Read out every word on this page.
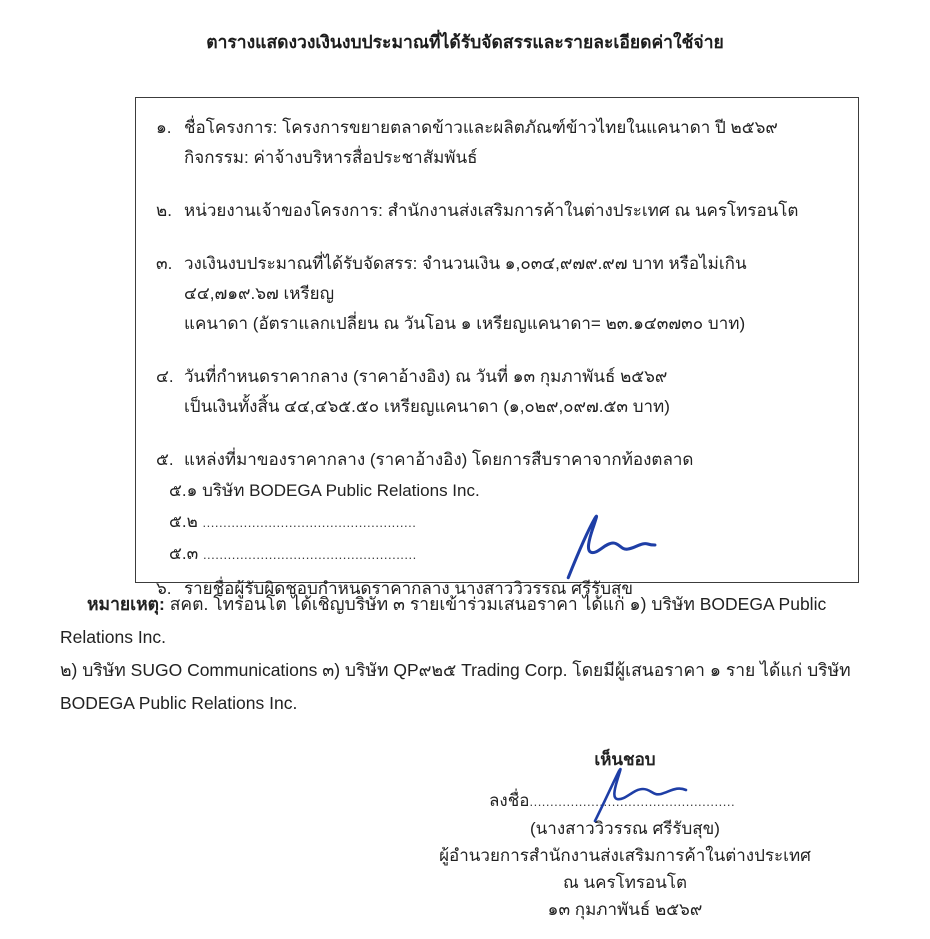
ตารางแสดงวงเงินงบประมาณที่ได้รับจัดสรรและรายละเอียดค่าใช้จ่าย
๑. ชื่อโครงการ: โครงการขยายตลาดข้าวและผลิตภัณฑ์ข้าวไทยในแคนาดา ปี ๒๕๖๙
กิจกรรม: ค่าจ้างบริหารสื่อประชาสัมพันธ์
๒. หน่วยงานเจ้าของโครงการ: สำนักงานส่งเสริมการค้าในต่างประเทศ ณ นครโทรอนโต
๓. วงเงินงบประมาณที่ได้รับจัดสรร: จำนวนเงิน ๑,๐๓๔,๙๗๙.๙๗ บาท หรือไม่เกิน ๔๔,๗๑๙.๖๗ เหรียญ
แคนาดา (อัตราแลกเปลี่ยน ณ วันโอน ๑ เหรียญแคนาดา= ๒๓.๑๔๓๗๓๐ บาท)
๔. วันที่กำหนดราคากลาง (ราคาอ้างอิง) ณ วันที่ ๑๓ กุมภาพันธ์ ๒๕๖๙
เป็นเงินทั้งสิ้น ๔๔,๔๖๕.๕๐ เหรียญแคนาดา (๑,๐๒๙,๐๙๗.๕๓ บาท)
๕. แหล่งที่มาของราคากลาง (ราคาอ้างอิง) โดยการสืบราคาจากท้องตลาด
๕.๑ บริษัท BODEGA Public Relations Inc.
๕.๒ ....................................................
๕.๓ ....................................................
๖. รายชื่อผู้รับผิดชอบกำหนดราคากลาง นางสาววิวรรณ ศรีรับสุข
หมายเหตุ: สคต. โทรอนโต ได้เชิญบริษัท ๓ รายเข้าร่วมเสนอราคา ได้แก่ ๑) บริษัท BODEGA Public Relations Inc.
๒) บริษัท SUGO Communications ๓) บริษัท QP๙๒๕ Trading Corp. โดยมีผู้เสนอราคา ๑ ราย ได้แก่ บริษัท
BODEGA Public Relations Inc.
เห็นชอบ
ลงชื่อ..................................................
(นางสาววิวรรณ ศรีรับสุข)
ผู้อำนวยการสำนักงานส่งเสริมการค้าในต่างประเทศ
ณ นครโทรอนโต
๑๓ กุมภาพันธ์ ๒๕๖๙
